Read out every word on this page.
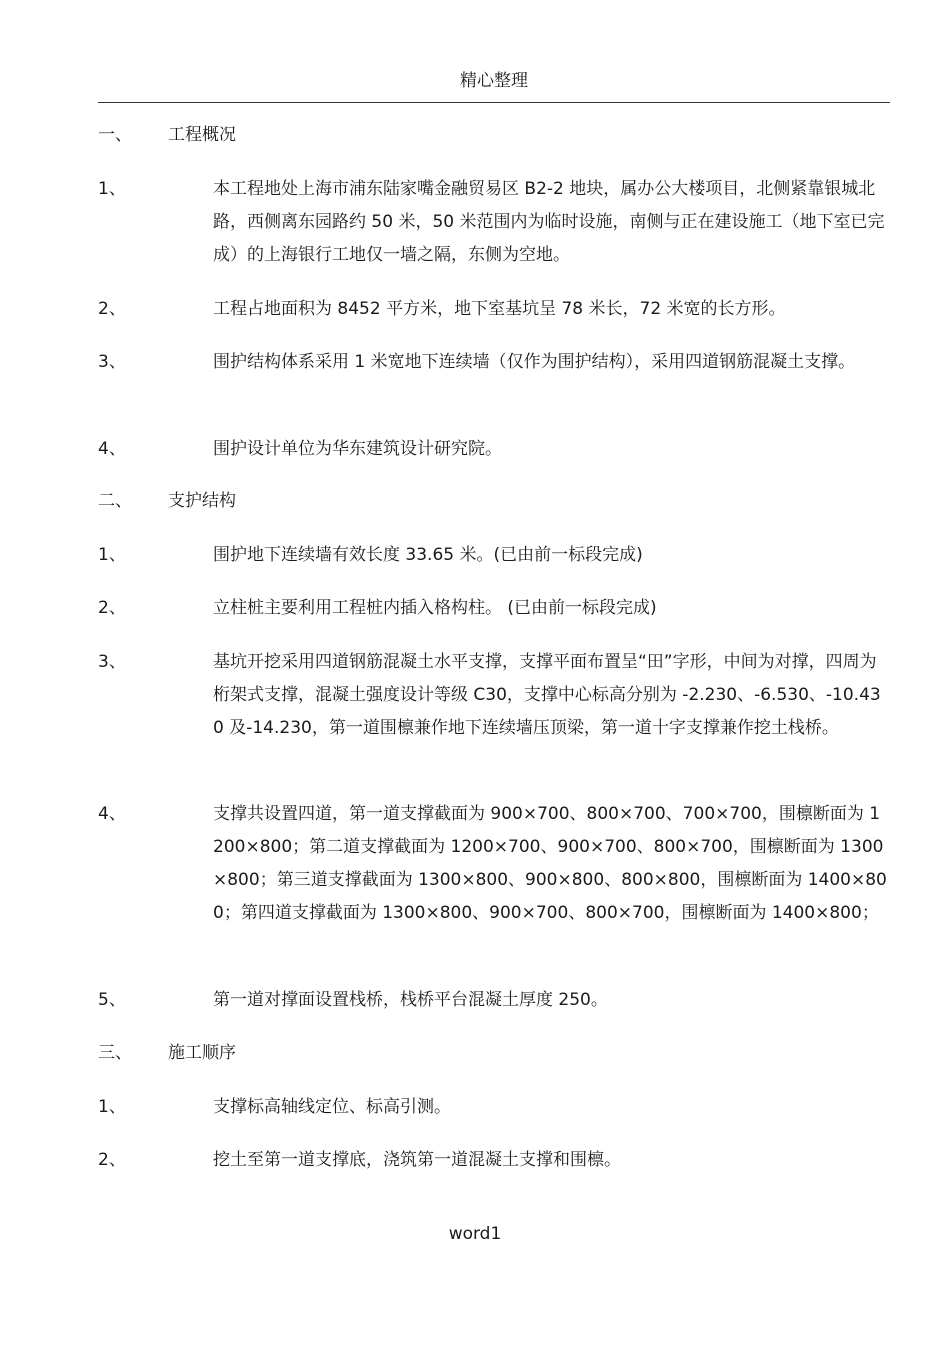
精心整理
一、 工程概况
1、	本工程地处上海市浦东陆家嘴金融贸易区 B2-2 地块，属办公大楼项目，北侧紧靠银城北路，西侧离东园路约 50 米，50 米范围内为临时设施，南侧与正在建设施工（地下室已完成）的上海银行工地仅一墙之隔，东侧为空地。
2、	工程占地面积为 8452 平方米，地下室基坑呈 78 米长，72 米宽的长方形。
3、	围护结构体系采用 1 米宽地下连续墙（仅作为围护结构），采用四道钢筋混凝土支撑。
4、	围护设计单位为华东建筑设计研究院。
二、 支护结构
1、	围护地下连续墙有效长度 33.65 米。(已由前一标段完成)
2、	立柱桩主要利用工程桩内插入格构柱。 (已由前一标段完成)
3、	基坑开挖采用四道钢筋混凝土水平支撑，支撑平面布置呈“田”字形，中间为对撑，四周为桁架式支撑，混凝土强度设计等级 C30，支撑中心标高分别为 -2.230、-6.530、-10.430 及-14.230，第一道围檩兼作地下连续墙压顶梁，第一道十字支撑兼作挖土栈桥。
4、	支撑共设置四道，第一道支撑截面为 900×700、800×700、700×700，围檩断面为 1200×800；第二道支撑截面为 1200×700、900×700、800×700，围檩断面为 1300×800；第三道支撑截面为 1300×800、900×800、800×800，围檩断面为 1400×800；第四道支撑截面为 1300×800、900×700、800×700，围檩断面为 1400×800；
5、	第一道对撑面设置栈桥，栈桥平台混凝土厚度 250。
三、 施工顺序
1、	支撑标高轴线定位、标高引测。
2、	挖土至第一道支撑底，浇筑第一道混凝土支撑和围檩。
word1
